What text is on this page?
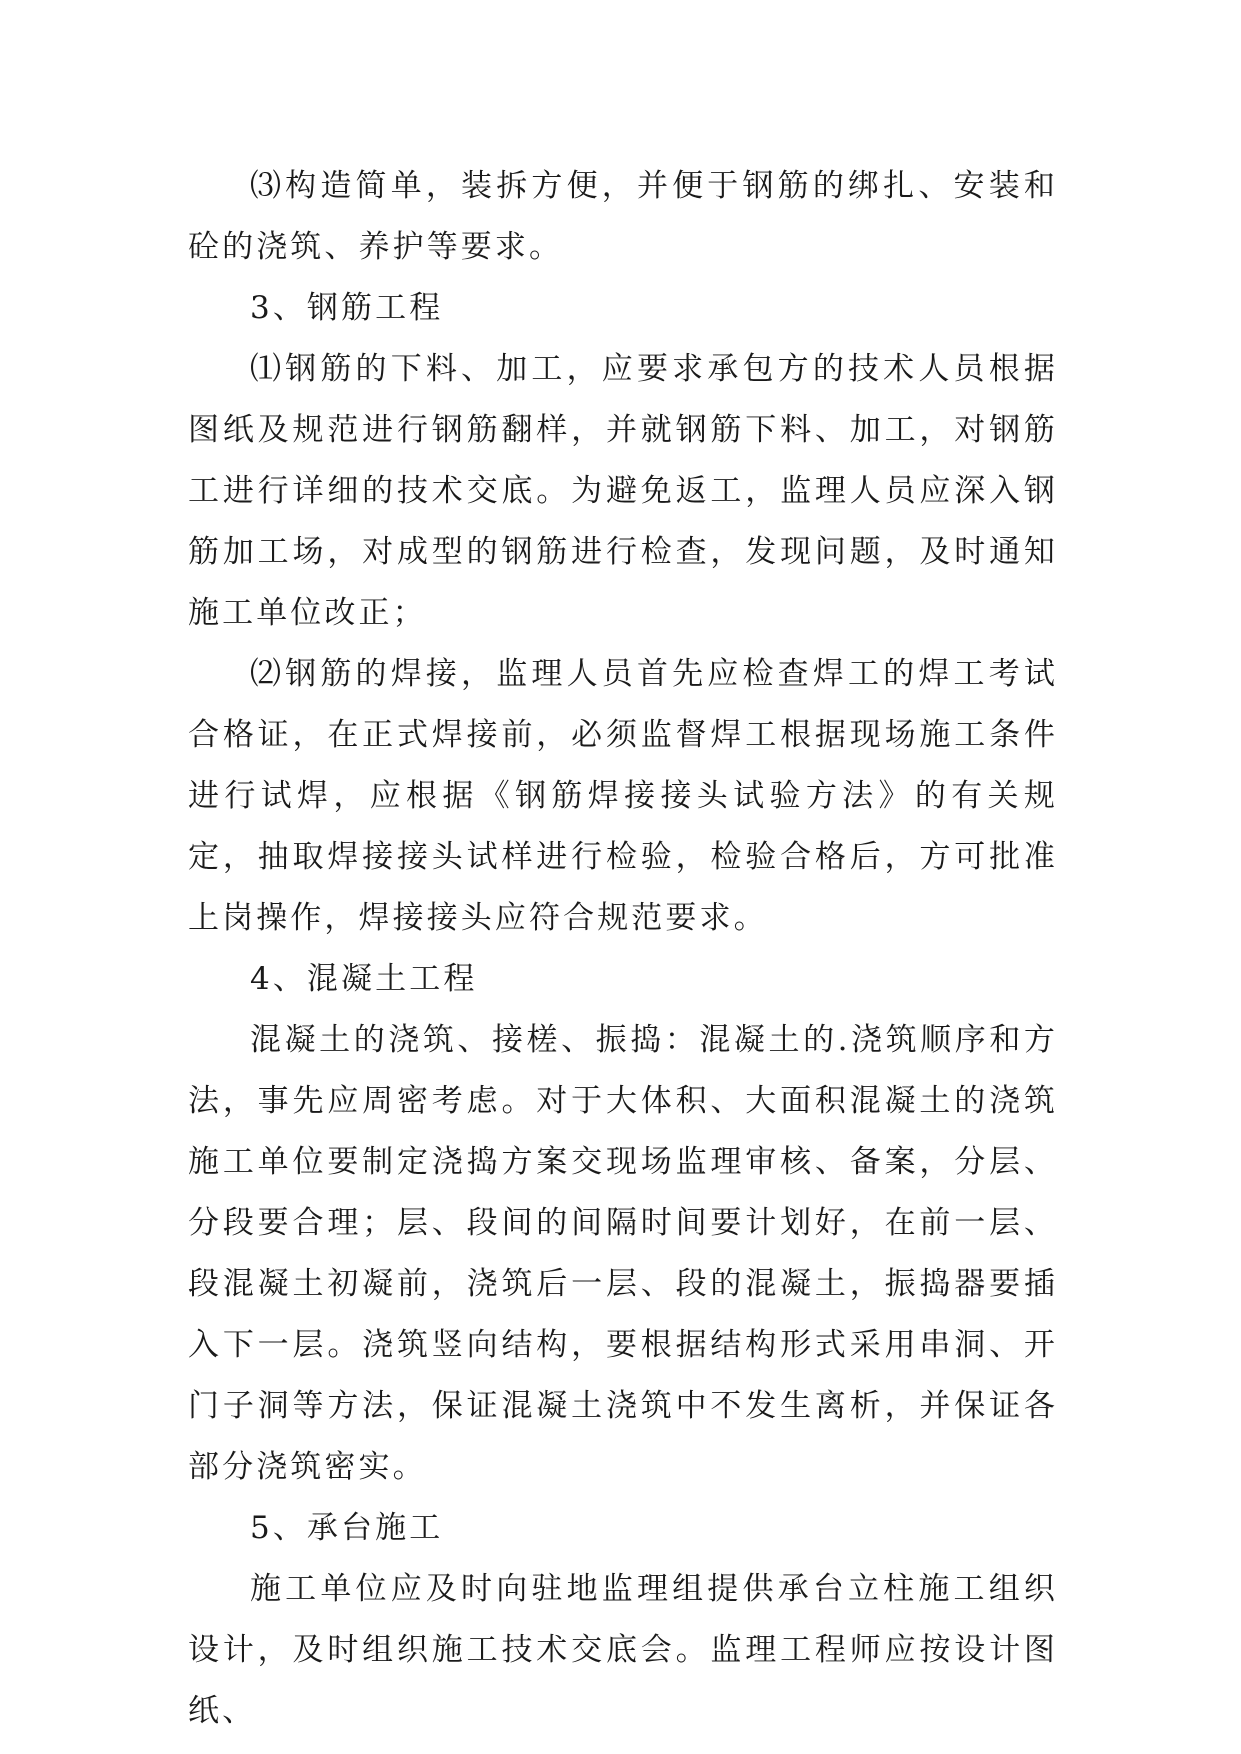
⑶构造简单，装拆方便，并便于钢筋的绑扎、安装和砼的浇筑、养护等要求。

3、钢筋工程

⑴钢筋的下料、加工，应要求承包方的技术人员根据图纸及规范进行钢筋翻样，并就钢筋下料、加工，对钢筋工进行详细的技术交底。为避免返工，监理人员应深入钢筋加工场，对成型的钢筋进行检查，发现问题，及时通知施工单位改正；

⑵钢筋的焊接，监理人员首先应检查焊工的焊工考试合格证，在正式焊接前，必须监督焊工根据现场施工条件进行试焊，应根据《钢筋焊接接头试验方法》的有关规定，抽取焊接接头试样进行检验，检验合格后，方可批准上岗操作，焊接接头应符合规范要求。

4、混凝土工程

混凝土的浇筑、接槎、振捣：混凝土的.浇筑顺序和方法，事先应周密考虑。对于大体积、大面积混凝土的浇筑施工单位要制定浇捣方案交现场监理审核、备案，分层、分段要合理；层、段间的间隔时间要计划好，在前一层、段混凝土初凝前，浇筑后一层、段的混凝土，振捣器要插入下一层。浇筑竖向结构，要根据结构形式采用串洞、开门子洞等方法，保证混凝土浇筑中不发生离析，并保证各部分浇筑密实。

5、承台施工

施工单位应及时向驻地监理组提供承台立柱施工组织设计，及时组织施工技术交底会。监理工程师应按设计图纸、
